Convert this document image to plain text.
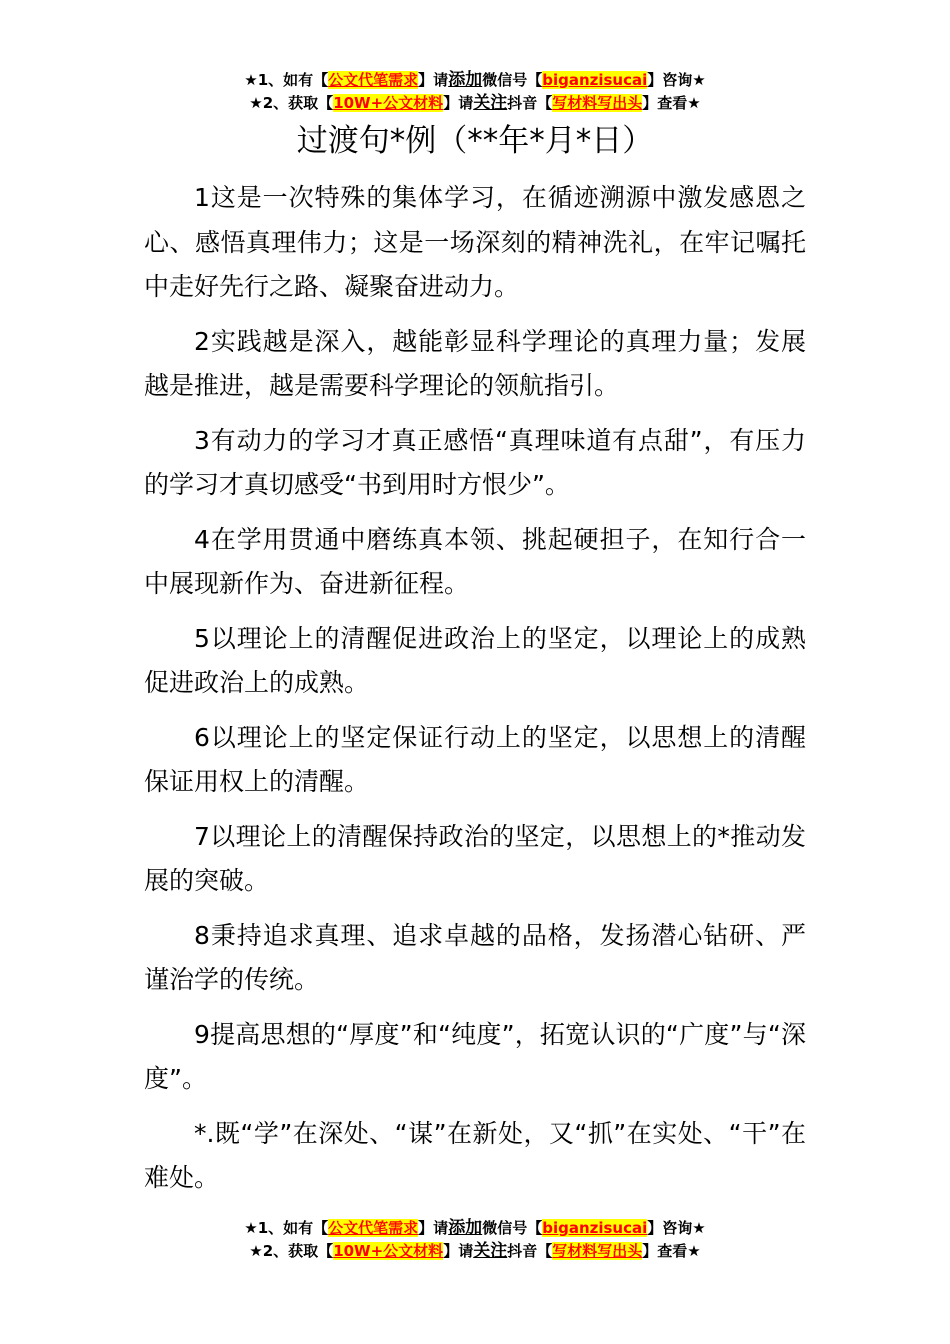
★1、如有【公文代笔需求】请添加微信号【biganzisucai】咨询★
★2、获取【10W+公文材料】请关注抖音【写材料写出头】查看★
过渡句*例（**年*月*日）

1这是一次特殊的集体学习，在循迹溯源中激发感恩之心、感悟真理伟力；这是一场深刻的精神洗礼，在牢记嘱托中走好先行之路、凝聚奋进动力。

2实践越是深入，越能彰显科学理论的真理力量；发展越是推进，越是需要科学理论的领航指引。

3有动力的学习才真正感悟“真理味道有点甜”，有压力的学习才真切感受“书到用时方恨少”。

4在学用贯通中磨练真本领、挑起硬担子，在知行合一中展现新作为、奋进新征程。

5以理论上的清醒促进政治上的坚定，以理论上的成熟促进政治上的成熟。

6以理论上的坚定保证行动上的坚定，以思想上的清醒保证用权上的清醒。

7以理论上的清醒保持政治的坚定，以思想上的*推动发展的突破。

8秉持追求真理、追求卓越的品格，发扬潜心钻研、严谨治学的传统。

9提高思想的“厚度”和“纯度”，拓宽认识的“广度”与“深度”。

*.既“学”在深处、“谋”在新处，又“抓”在实处、“干”在难处。

★1、如有【公文代笔需求】请添加微信号【biganzisucai】咨询★
★2、获取【10W+公文材料】请关注抖音【写材料写出头】查看★
